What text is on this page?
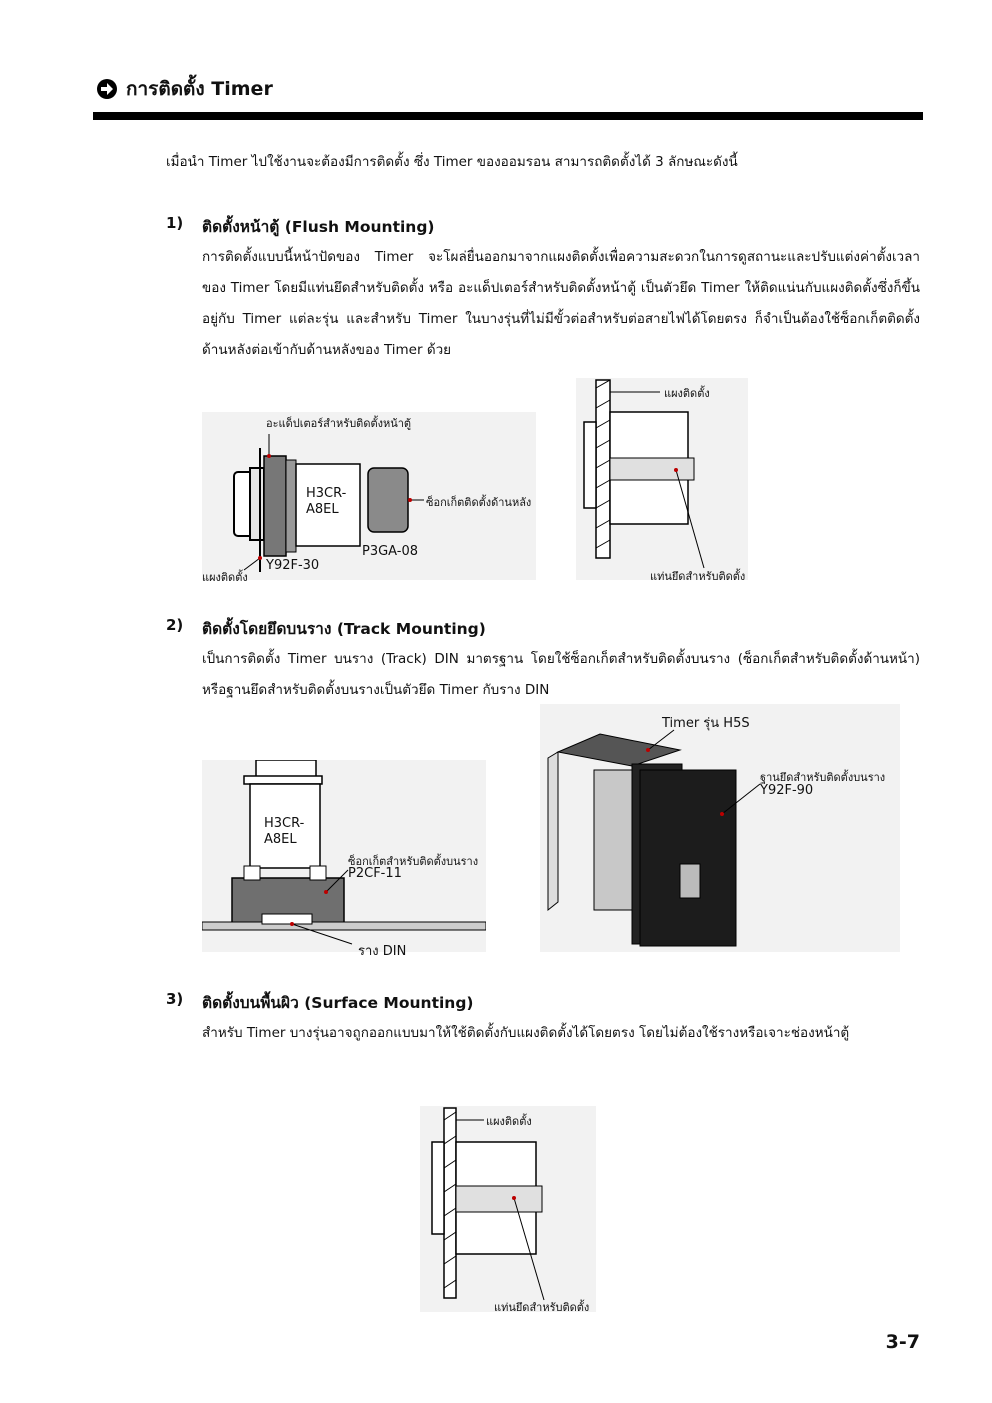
การติดตั้ง Timer
เมื่อนำ Timer ไปใช้งานจะต้องมีการติดตั้ง ซึ่ง Timer ของออมรอน สามารถติดตั้งได้ 3 ลักษณะดังนี้
1) ติดตั้งหน้าตู้ (Flush Mounting)
การติดตั้งแบบนี้หน้าปัดของ Timer จะโผล่ยื่นออกมาจากแผงติดตั้งเพื่อความสะดวกในการดูสถานะและปรับแต่งค่าตั้งเวลาของ Timer โดยมีแท่นยึดสำหรับติดตั้ง หรือ อะแด็ปเตอร์สำหรับติดตั้งหน้าตู้ เป็นตัวยึด Timer ให้ติดแน่นกับแผงติดตั้งซึ่งก็ขึ้นอยู่กับ Timer แต่ละรุ่น และสำหรับ Timer ในบางรุ่นที่ไม่มีขั้วต่อสำหรับต่อสายไฟได้โดยตรง ก็จำเป็นต้องใช้ซ็อกเก็ตติดตั้งด้านหลังต่อเข้ากับด้านหลังของ Timer ด้วย
อะแด็ปเตอร์สำหรับติดตั้งหน้าตู้
H3CR-
A8EL	ซ็อกเก็ตติดตั้งด้านหลัง
P3GA-08
Y92F-30
แผงติดตั้ง
แผงติดตั้ง
แท่นยึดสำหรับติดตั้ง
2) ติดตั้งโดยยึดบนราง (Track Mounting)
เป็นการติดตั้ง Timer บนราง (Track) DIN มาตรฐาน โดยใช้ซ็อกเก็ตสำหรับติดตั้งบนราง (ซ็อกเก็ตสำหรับติดตั้งด้านหน้า) หรือฐานยึดสำหรับติดตั้งบนรางเป็นตัวยึด Timer กับราง DIN
H3CR-
A8EL
ซ็อกเก็ตสำหรับติดตั้งบนราง
P2CF-11
ราง DIN
Timer รุ่น H5S
ฐานยึดสำหรับติดตั้งบนราง
Y92F-90
3) ติดตั้งบนพื้นผิว (Surface Mounting)
สำหรับ Timer บางรุ่นอาจถูกออกแบบมาให้ใช้ติดตั้งกับแผงติดตั้งได้โดยตรง โดยไม่ต้องใช้รางหรือเจาะช่องหน้าตู้
แผงติดตั้ง
แท่นยึดสำหรับติดตั้ง
3-7
